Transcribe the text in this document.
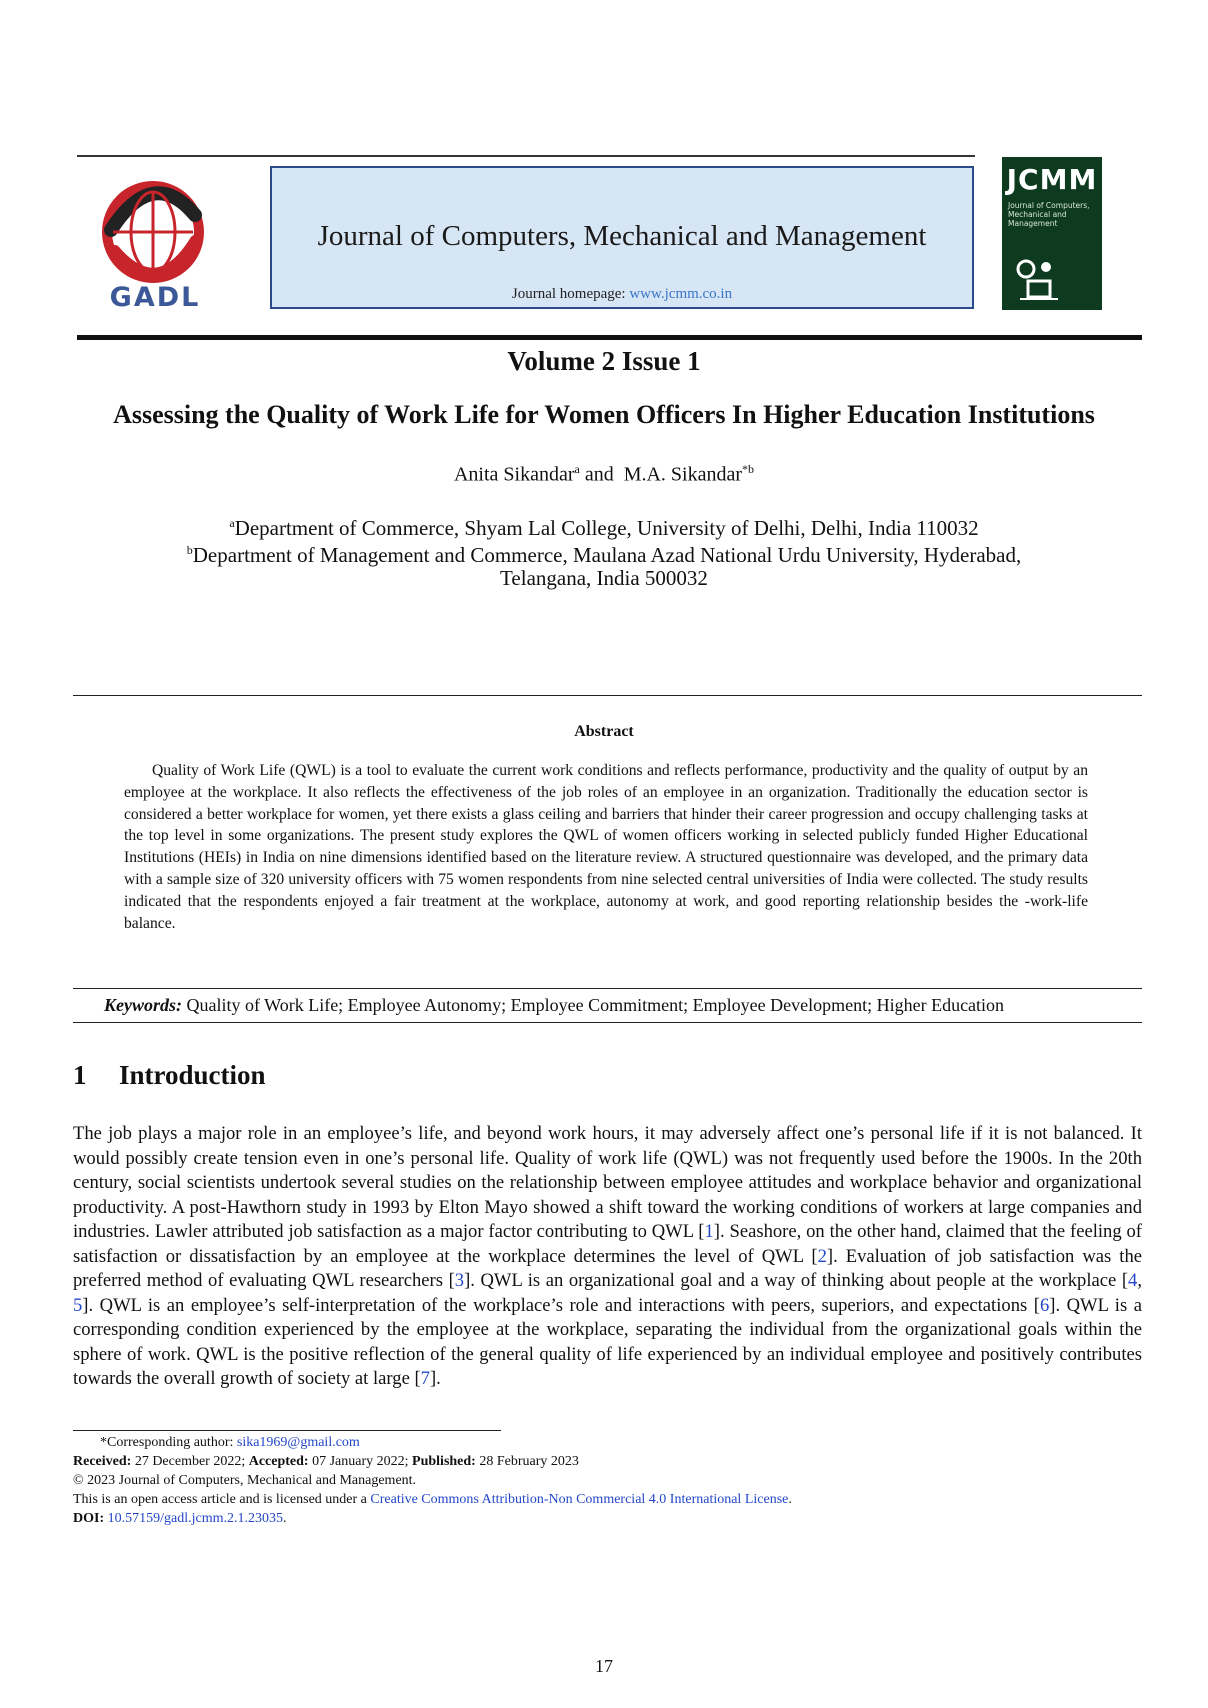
GADL
Journal of Computers, Mechanical and Management
Journal homepage: www.jcmm.co.in
JCMM
Journal of Computers, Mechanical and Management
Volume 2 Issue 1
Assessing the Quality of Work Life for Women Officers In Higher Education Institutions
Anita Sikandar$^a$ and  M.A. Sikandar$^{*b}$
$^a$Department of Commerce, Shyam Lal College, University of Delhi, Delhi, India 110032
$^b$Department of Management and Commerce, Maulana Azad National Urdu University, Hyderabad,
Telangana, India 500032
Abstract
Quality of Work Life (QWL) is a tool to evaluate the current work conditions and reflects performance, productivity and the quality of output by an employee at the workplace. It also reflects the effectiveness of the job roles of an employee in an organization. Traditionally the education sector is considered a better workplace for women, yet there exists a glass ceiling and barriers that hinder their career progression and occupy challenging tasks at the top level in some organizations. The present study explores the QWL of women officers working in selected publicly funded Higher Educational Institutions (HEIs) in India on nine dimensions identified based on the literature review. A structured questionnaire was developed, and the primary data with a sample size of 320 university officers with 75 women respondents from nine selected central universities of India were collected. The study results indicated that the respondents enjoyed a fair treatment at the workplace, autonomy at work, and good reporting relationship besides the -work-life balance.
Keywords: Quality of Work Life; Employee Autonomy; Employee Commitment; Employee Development; Higher Education
1 Introduction
The job plays a major role in an employee’s life, and beyond work hours, it may adversely affect one’s personal life if it is not balanced. It would possibly create tension even in one’s personal life. Quality of work life (QWL) was not frequently used before the 1900s. In the 20th century, social scientists undertook several studies on the relationship between employee attitudes and workplace behavior and organizational productivity. A post-Hawthorn study in 1993 by Elton Mayo showed a shift toward the working conditions of workers at large companies and industries. Lawler attributed job satisfaction as a major factor contributing to QWL [1]. Seashore, on the other hand, claimed that the feeling of satisfaction or dissatisfaction by an employee at the workplace determines the level of QWL [2]. Evaluation of job satisfaction was the preferred method of evaluating QWL researchers [3]. QWL is an organizational goal and a way of thinking about people at the workplace [4, 5]. QWL is an employee’s self-interpretation of the workplace’s role and interactions with peers, superiors, and expectations [6]. QWL is a corresponding condition experienced by the employee at the workplace, separating the individual from the organizational goals within the sphere of work. QWL is the positive reflection of the general quality of life experienced by an individual employee and positively contributes towards the overall growth of society at large [7].
*Corresponding author: sika1969@gmail.com
Received: 27 December 2022; Accepted: 07 January 2022; Published: 28 February 2023
© 2023 Journal of Computers, Mechanical and Management.
This is an open access article and is licensed under a Creative Commons Attribution-Non Commercial 4.0 International License.
DOI: 10.57159/gadl.jcmm.2.1.23035.
17
